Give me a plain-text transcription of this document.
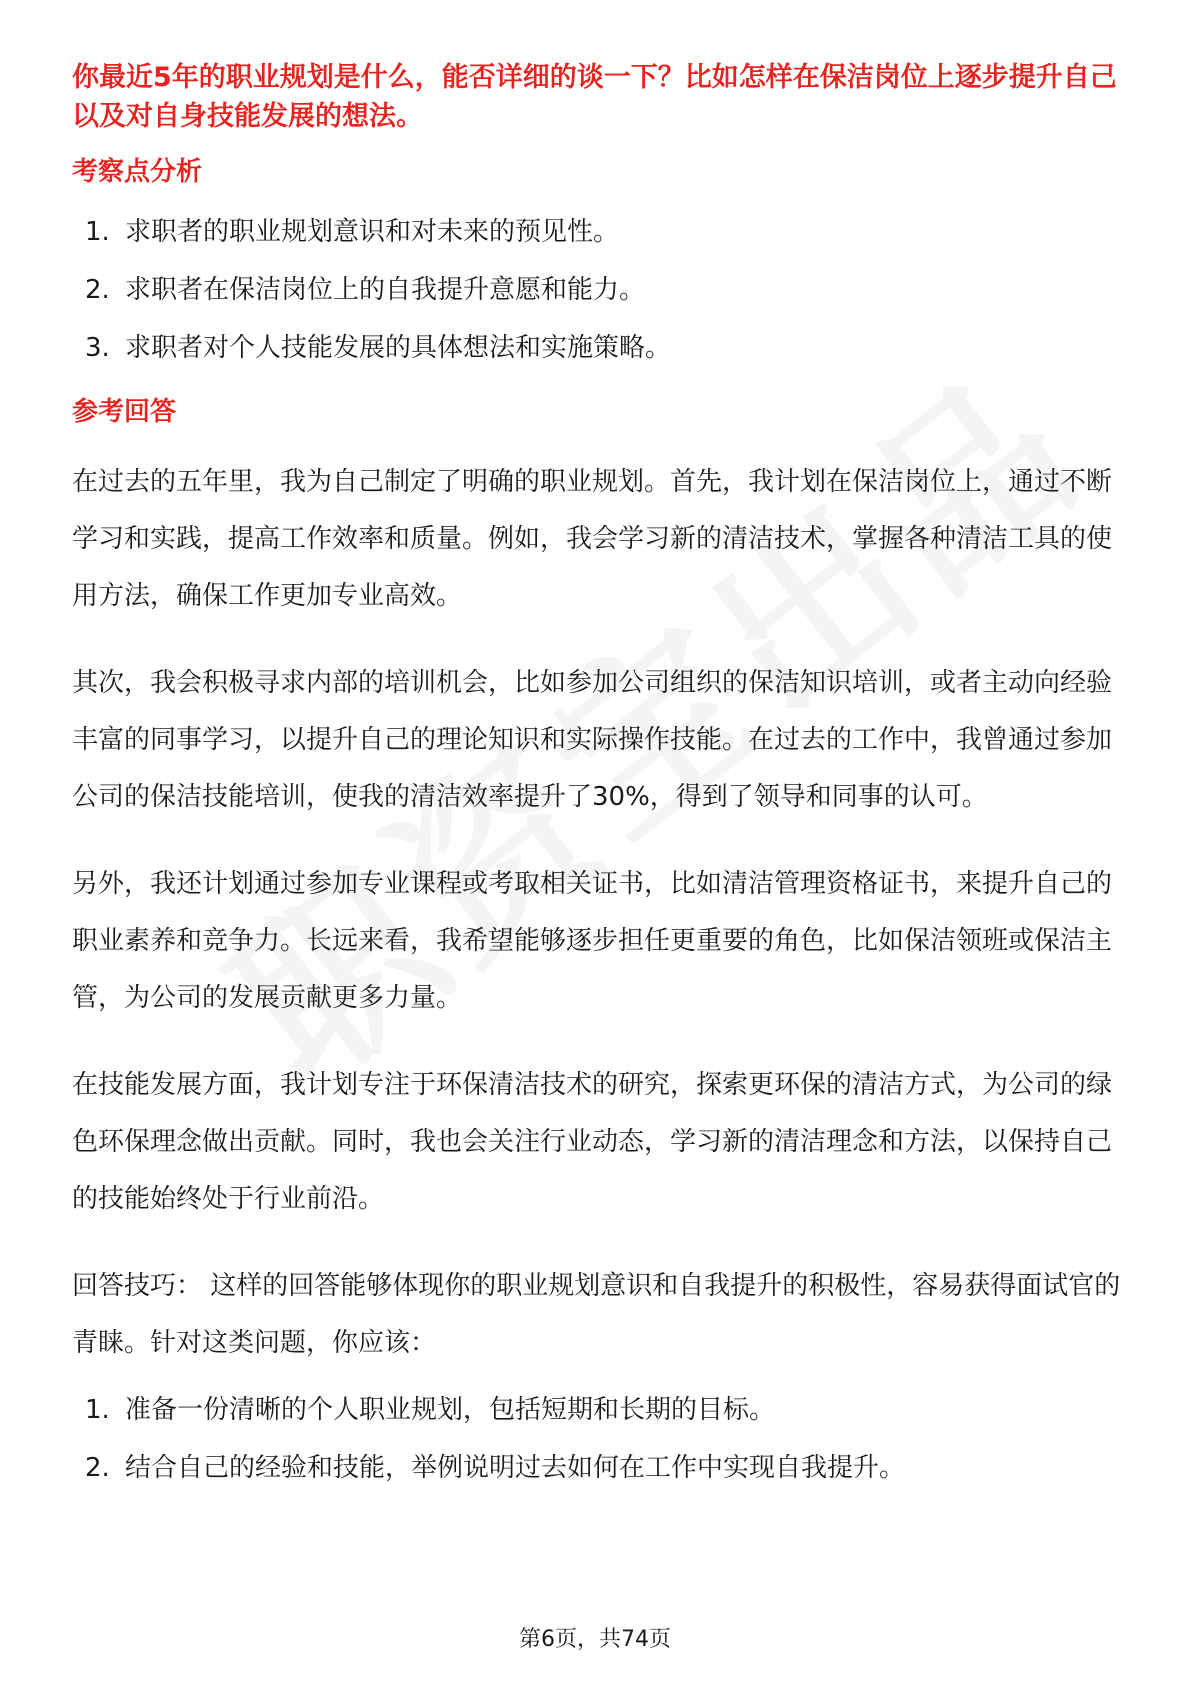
你最近5年的职业规划是什么，能否详细的谈一下？比如怎样在保洁岗位上逐步提升自己以及对自身技能发展的想法。
考察点分析
1. 求职者的职业规划意识和对未来的预见性。
2. 求职者在保洁岗位上的自我提升意愿和能力。
3. 求职者对个人技能发展的具体想法和实施策略。
参考回答

在过去的五年里，我为自己制定了明确的职业规划。首先，我计划在保洁岗位上，通过不断学习和实践，提高工作效率和质量。例如，我会学习新的清洁技术，掌握各种清洁工具的使用方法，确保工作更加专业高效。

其次，我会积极寻求内部的培训机会，比如参加公司组织的保洁知识培训，或者主动向经验丰富的同事学习，以提升自己的理论知识和实际操作技能。在过去的工作中，我曾通过参加公司的保洁技能培训，使我的清洁效率提升了30%，得到了领导和同事的认可。

另外，我还计划通过参加专业课程或考取相关证书，比如清洁管理资格证书，来提升自己的职业素养和竞争力。长远来看，我希望能够逐步担任更重要的角色，比如保洁领班或保洁主管，为公司的发展贡献更多力量。

在技能发展方面，我计划专注于环保清洁技术的研究，探索更环保的清洁方式，为公司的绿色环保理念做出贡献。同时，我也会关注行业动态，学习新的清洁理念和方法，以保持自己的技能始终处于行业前沿。

回答技巧： 这样的回答能够体现你的职业规划意识和自我提升的积极性，容易获得面试官的青睐。针对这类问题，你应该：

1. 准备一份清晰的个人职业规划，包括短期和长期的目标。
2. 结合自己的经验和技能，举例说明过去如何在工作中实现自我提升。
第6页，共74页
